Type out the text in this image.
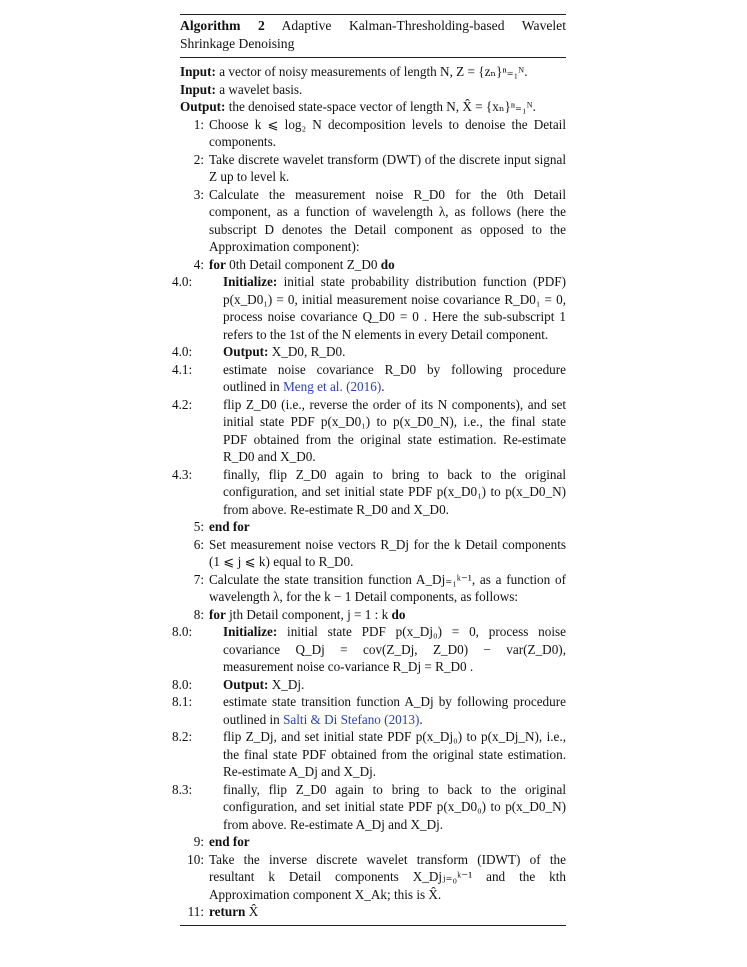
Algorithm 2 Adaptive Kalman-Thresholding-based Wavelet Shrinkage Denoising
Input: a vector of noisy measurements of length N, Z = {zₙ}ⁿ₌₁ᴺ.
Input: a wavelet basis.
Output: the denoised state-space vector of length N, X̂ = {xₙ}ⁿ₌₁ᴺ.
1: Choose k ⩽ log₂ N decomposition levels to denoise the Detail components.
2: Take discrete wavelet transform (DWT) of the discrete input signal Z up to level k.
3: Calculate the measurement noise R_D0 for the 0th Detail component, as a function of wavelength λ, as follows (here the subscript D denotes the Detail component as opposed to the Approximation component):
4: for 0th Detail component Z_D0 do
4.0:	Initialize: initial state probability distribution function (PDF) p(x_D0₁) = 0, initial measurement noise covariance R_D0₁ = 0, process noise covariance Q_D0 = 0 . Here the sub-subscript 1 refers to the 1st of the N elements in every Detail component.
4.0:	Output: X_D0, R_D0.
4.1:	estimate noise covariance R_D0 by following procedure outlined in Meng et al. (2016).
4.2:	flip Z_D0 (i.e., reverse the order of its N components), and set initial state PDF p(x_D0₁) to p(x_D0_N), i.e., the final state PDF obtained from the original state estimation. Re-estimate R_D0 and X_D0.
4.3:	finally, flip Z_D0 again to bring to back to the original configuration, and set initial state PDF p(x_D0₁) to p(x_D0_N) from above. Re-estimate R_D0 and X_D0.
5: end for
6: Set measurement noise vectors R_Dj for the k Detail components (1 ⩽ j ⩽ k) equal to R_D0.
7: Calculate the state transition function A_Dj₌₁ᵏ⁻¹, as a function of wavelength λ, for the k − 1 Detail components, as follows:
8: for jth Detail component, j = 1 : k do
8.0:	Initialize: initial state PDF p(x_Dj₀) = 0, process noise covariance Q_Dj = cov(Z_Dj, Z_D0) − var(Z_D0), measurement noise co-variance R_Dj = R_D0 .
8.0:	Output: X_Dj.
8.1:	estimate state transition function A_Dj by following procedure outlined in Salti & Di Stefano (2013).
8.2:	flip Z_Dj, and set initial state PDF p(x_Dj₀) to p(x_Dj_N), i.e., the final state PDF obtained from the original state estimation. Re-estimate A_Dj and X_Dj.
8.3:	finally, flip Z_D0 again to bring to back to the original configuration, and set initial state PDF p(x_D0₀) to p(x_D0_N) from above. Re-estimate A_Dj and X_Dj.
9: end for
10: Take the inverse discrete wavelet transform (IDWT) of the resultant k Detail components X_Djⱼ₌₀ᵏ⁻¹ and the kth Approximation component X_Ak; this is X̂.
11: return X̂
